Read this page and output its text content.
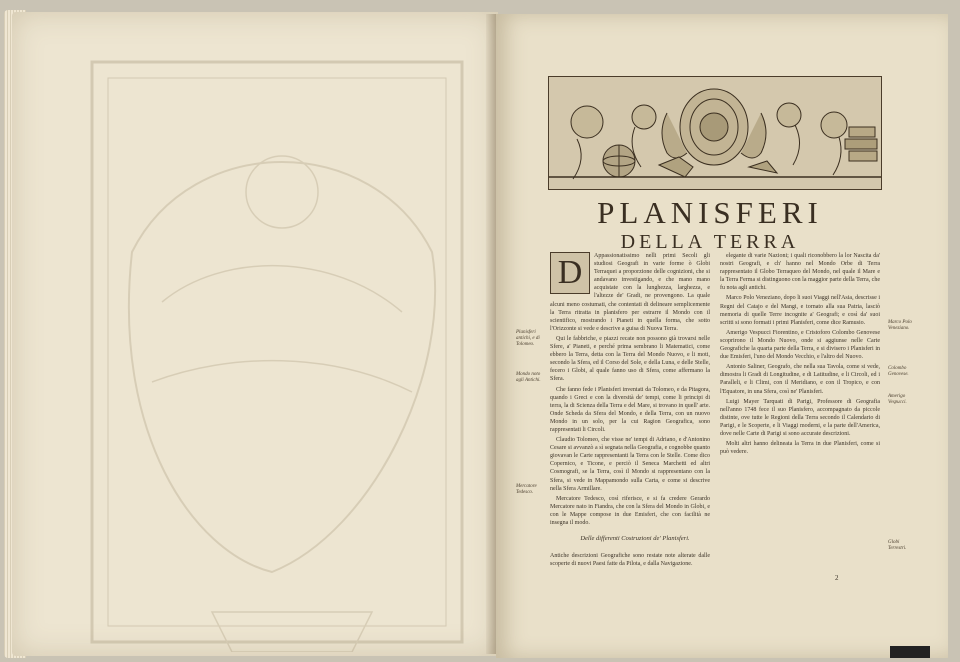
PLANISFERI
DELLA TERRA
D	Appassionatissimo nelli primi Secoli gli studiosi Geografi in varie forme ò Globi Terraquei a proporzione delle cognizioni, che si andavano investigando, e che mano mano acquistate con la lunghezza, larghezza, e l'altezze de' Gradi, ne provengono. La quale alcuni meno costumati, che contentati di delineare semplicemente la Terra ritratta in planisfero per estrarre il Mondo con il scientifico, mostrando i Pianeti in quella forma, che sotto l'Orizzonte si vede e descrive a guisa di Nuova Terra.

Qui le fabbriche, e piazzi recate non possono già trovarsi nelle Sfere, a' Pianeti, e perché prima sembrano li Matematici, come ebbero la Terra, detta con la Terra del Mondo Nuovo, e li moti, secondo la Sfera, ed il Corso del Sole, e della Luna, e delle Stelle, fecero i Globi, al quale fanno uso di Sfera, come affermano la Sfera.

Che fanno fede i Planisferi inventati da Tolomeo, e da Pitagora, quando i Greci e con la diversità de' tempi, come li principi di terra, la di Scienza della Terra e del Mare, si trovano in quell' arte. Onde Scheda da Sfera del Mondo, e della Terra, con un nuovo Mondo in un solo, per la cui Ragion Geografica, sono rappresentati li Circoli.

Claudio Tolomeo, che visse ne' tempi di Adriano, e d'Antonino Cesare si avvanzò a sì segnata nella Geografia, e cognobbe quanto giovavan le Carte rappresentanti la Terra con le Stelle. Come dico Copernico, e Ticone, e perciò il Seneca Marchetti ed altri Cosmografi, se la Terra, così il Mondo si rappresentano con la Sfera, si vede in Mappamondo sulla Carta, e come si descrive nella Sfera Armillare.

Mercatore Tedesco, così riferisce, e si fa credere Gerardo Mercatore nato in Fiandra, che con la Sfera del Mondo in Globi, e con le Mappe compose in due Emisferi, che con facilità ne insegna il modo.

elegante di varie Nazioni; i quali riconobbero la lor Nascita da' nostri Geografi, e ch' hanno nel Mondo Orbe di Terra rappresentato il Globo Terraqueo del Mondo, nel quale il Mare e la Terra Ferma si distinguono con la maggior parte della Terra, che fu nota agli antichi.

Marco Polo Veneziano, dopo li suoi Viaggi nell'Asia, descrisse i Regni del Catajo e del Mangi, e tornato alla sua Patria, lasciò memoria di quelle Terre incognite a' Geografi; e così da' suoi scritti si sono formati i primi Planisferi, come dice Ramusio.

Amerigo Vespucci Fiorentino, e Cristoforo Colombo Genovese scoprirono il Mondo Nuovo, onde si aggiunse nelle Carte Geografiche la quarta parte della Terra, e si divisero i Planisferi in due Emisferi, l'uno del Mondo Vecchio, e l'altro del Nuovo.

Antonio Saliner, Geografo, che nella sua Tavola, come si vede, dimostra li Gradi di Longitudine, e di Latitudine, e li Circoli, ed i Paralleli, e li Climi, con il Meridiano, e con il Tropico, e con l'Equatore, in una Sfera, così ne' Planisferi.

Luigi Mayer Tarquati di Parigi, Professore di Geografia nell'anno 1748 fece il suo Planisfero, accompagnato da piccole distinte, ove tutte le Regioni della Terra secondo il Calendario di Parigi, e le Scoperte, e li Viaggi moderni, e la parte dell'America, dove nelle Carte di Parigi si sono accurate descrizioni.

Molti altri hanno delineata la Terra in due Planisferi, come si può vedere.

Delle differenti Costruzioni de' Planisferi.
Antiche descrizioni Geografiche sono restate note alterate dalle scoperte di nuovi Paesi fatte da Pilota, e dalla Navigazione.
Planisferi antichi, e di Tolomeo.
Mondo noto agli Antichi.
Mercatore Tedesco.
Marco Polo Veneziano.
Colombo Genovese.
Amerigo Vespucci.
Globi Terrestri.
2
